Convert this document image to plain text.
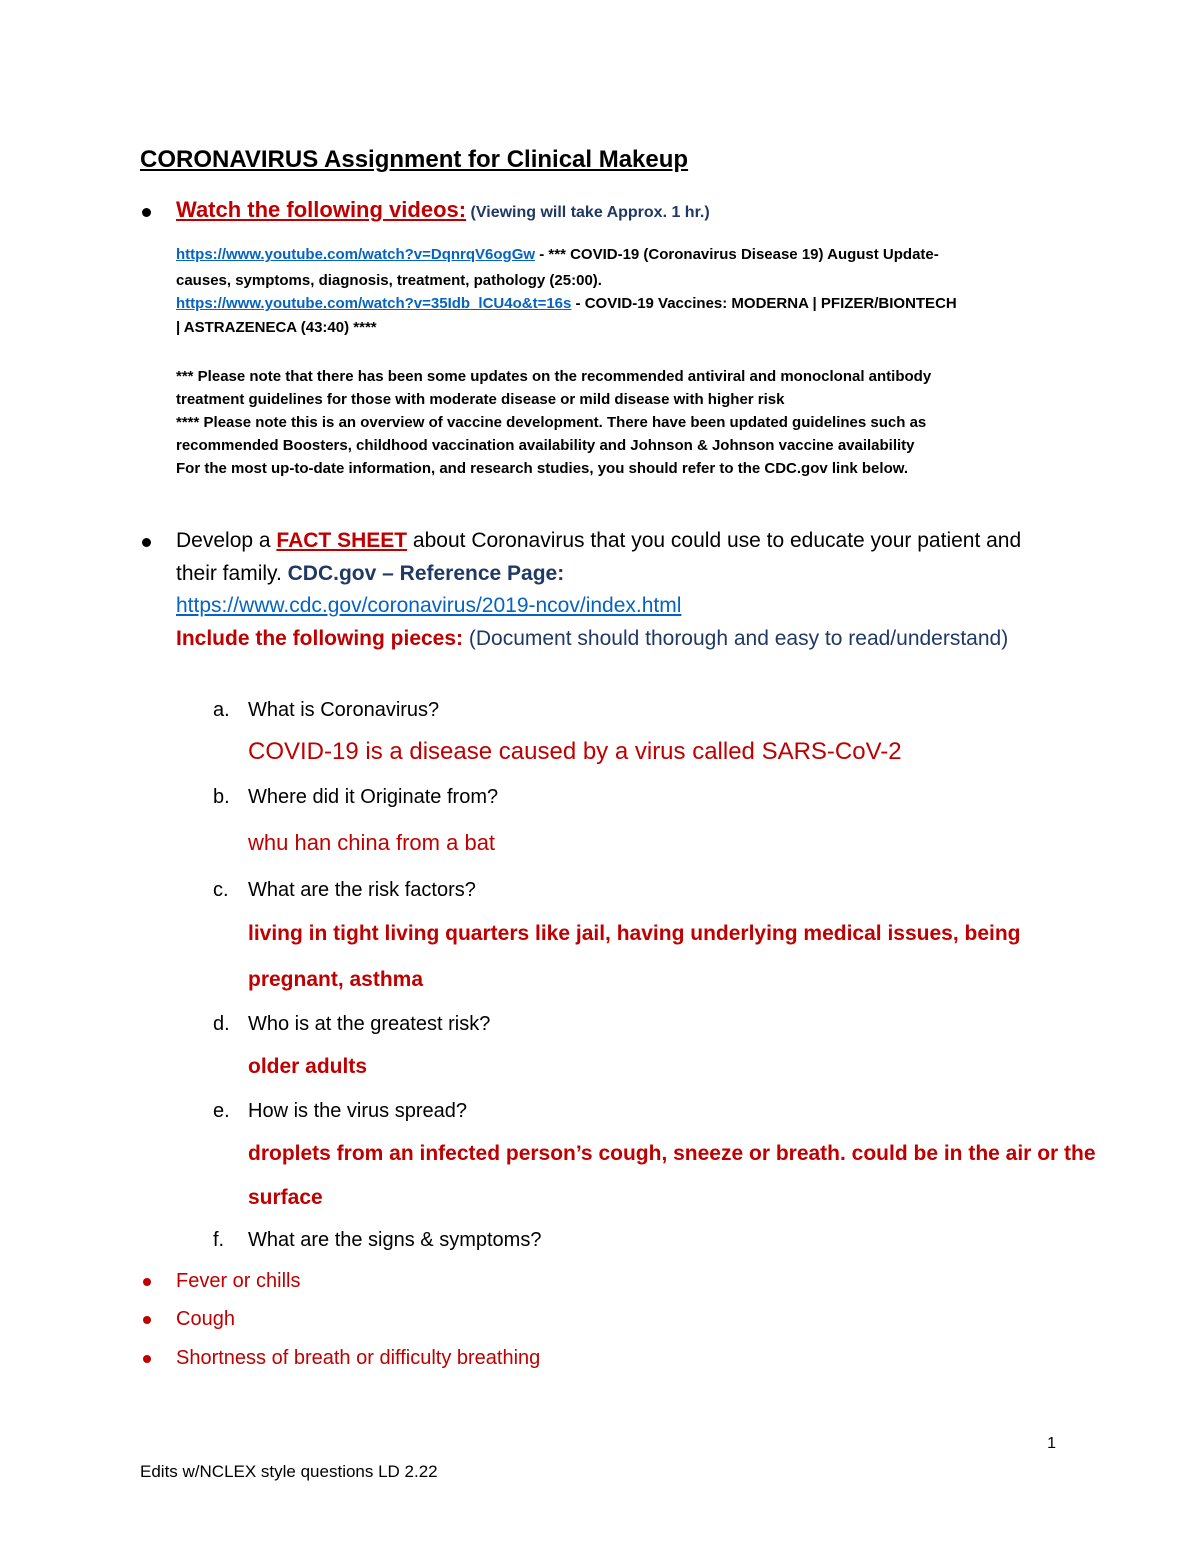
CORONAVIRUS Assignment for Clinical Makeup
Watch the following videos: (Viewing will take Approx. 1 hr.)
https://www.youtube.com/watch?v=DqnrqV6ogGw - *** COVID-19 (Coronavirus Disease 19) August Update-
causes, symptoms, diagnosis, treatment, pathology (25:00).
https://www.youtube.com/watch?v=35Idb_lCU4o&t=16s - COVID-19 Vaccines: MODERNA | PFIZER/BIONTECH
| ASTRAZENECA (43:40) ****
*** Please note that there has been some updates on the recommended antiviral and monoclonal antibody
treatment guidelines for those with moderate disease or mild disease with higher risk
**** Please note this is an overview of vaccine development. There have been updated guidelines such as
recommended Boosters, childhood vaccination availability and Johnson & Johnson vaccine availability
For the most up-to-date information, and research studies, you should refer to the CDC.gov link below.
Develop a FACT SHEET about Coronavirus that you could use to educate your patient and
their family. CDC.gov – Reference Page:
https://www.cdc.gov/coronavirus/2019-ncov/index.html
Include the following pieces: (Document should thorough and easy to read/understand)
a. What is Coronavirus?
COVID-19 is a disease caused by a virus called SARS-CoV-2
b. Where did it Originate from?
whu han china from a bat
c. What are the risk factors?
living in tight living quarters like jail, having underlying medical issues, being
pregnant, asthma
d. Who is at the greatest risk?
older adults
e. How is the virus spread?
droplets from an infected person’s cough, sneeze or breath. could be in the air or the
surface
f. What are the signs & symptoms?
Fever or chills
Cough
Shortness of breath or difficulty breathing
1
Edits w/NCLEX style questions LD 2.22
